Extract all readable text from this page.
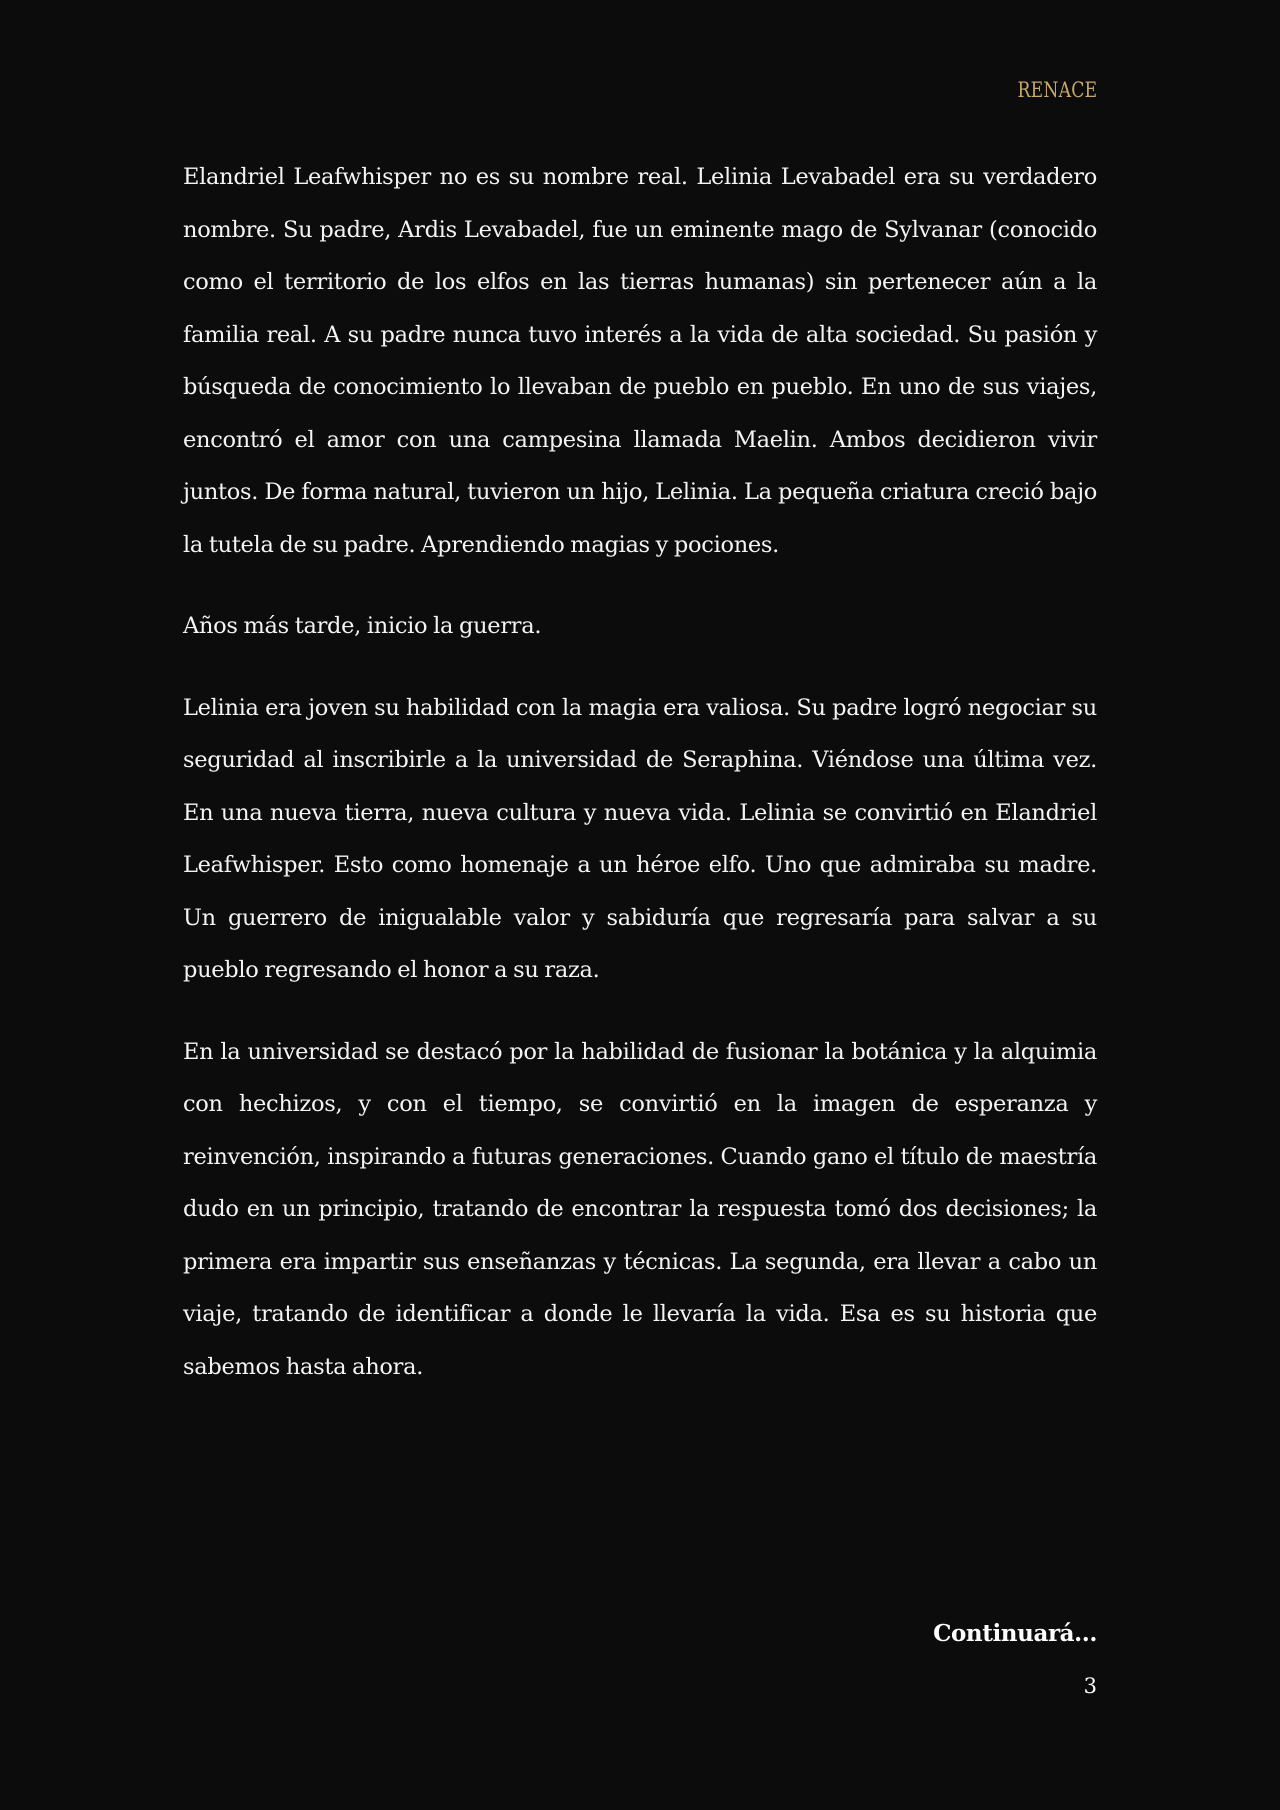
RENACE

Elandriel Leafwhisper no es su nombre real. Lelinia Levabadel era su verdadero nombre. Su padre, Ardis Levabadel, fue un eminente mago de Sylvanar (conocido como el territorio de los elfos en las tierras humanas) sin pertenecer aún a la familia real. A su padre nunca tuvo interés a la vida de alta sociedad. Su pasión y búsqueda de conocimiento lo llevaban de pueblo en pueblo. En uno de sus viajes, encontró el amor con una campesina llamada Maelin. Ambos decidieron vivir juntos. De forma natural, tuvieron un hijo, Lelinia. La pequeña criatura creció bajo la tutela de su padre. Aprendiendo magias y pociones.

Años más tarde, inicio la guerra.

Lelinia era joven su habilidad con la magia era valiosa. Su padre logró negociar su seguridad al inscribirle a la universidad de Seraphina. Viéndose una última vez. En una nueva tierra, nueva cultura y nueva vida. Lelinia se convirtió en Elandriel Leafwhisper. Esto como homenaje a un héroe elfo. Uno que admiraba su madre. Un guerrero de inigualable valor y sabiduría que regresaría para salvar a su pueblo regresando el honor a su raza.

En la universidad se destacó por la habilidad de fusionar la botánica y la alquimia con hechizos, y con el tiempo, se convirtió en la imagen de esperanza y reinvención, inspirando a futuras generaciones. Cuando gano el título de maestría dudo en un principio, tratando de encontrar la respuesta tomó dos decisiones; la primera era impartir sus enseñanzas y técnicas. La segunda, era llevar a cabo un viaje, tratando de identificar a donde le llevaría la vida. Esa es su historia que sabemos hasta ahora.

Continuará...
3
